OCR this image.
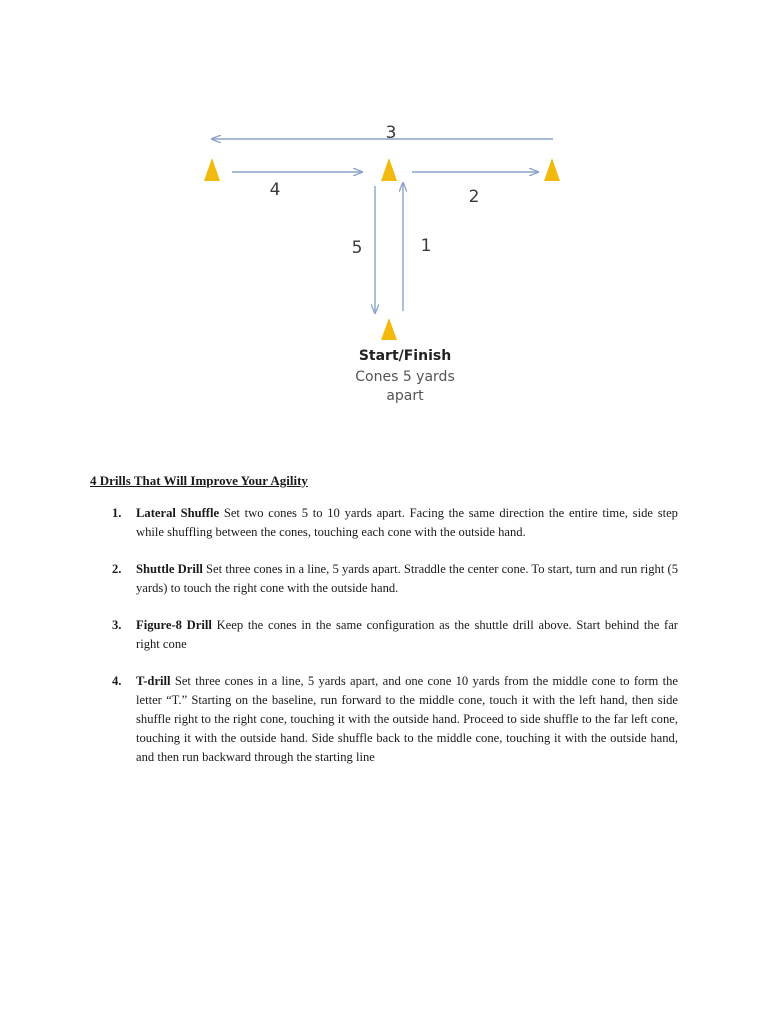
3
4	2
5	1
Start/Finish
Cones 5 yards
apart
4 Drills That Will Improve Your Agility
1.	Lateral Shuffle Set two cones 5 to 10 yards apart. Facing the same direction the entire time, side step while shuffling between the cones, touching each cone with the outside hand.
2.	Shuttle Drill Set three cones in a line, 5 yards apart. Straddle the center cone. To start, turn and run right (5 yards) to touch the right cone with the outside hand.
3.	Figure-8 Drill Keep the cones in the same configuration as the shuttle drill above. Start behind the far right cone
4.	T-drill Set three cones in a line, 5 yards apart, and one cone 10 yards from the middle cone to form the letter “T.” Starting on the baseline, run forward to the middle cone, touch it with the left hand, then side shuffle right to the right cone, touching it with the outside hand. Proceed to side shuffle to the far left cone, touching it with the outside hand. Side shuffle back to the middle cone, touching it with the outside hand, and then run backward through the starting line
